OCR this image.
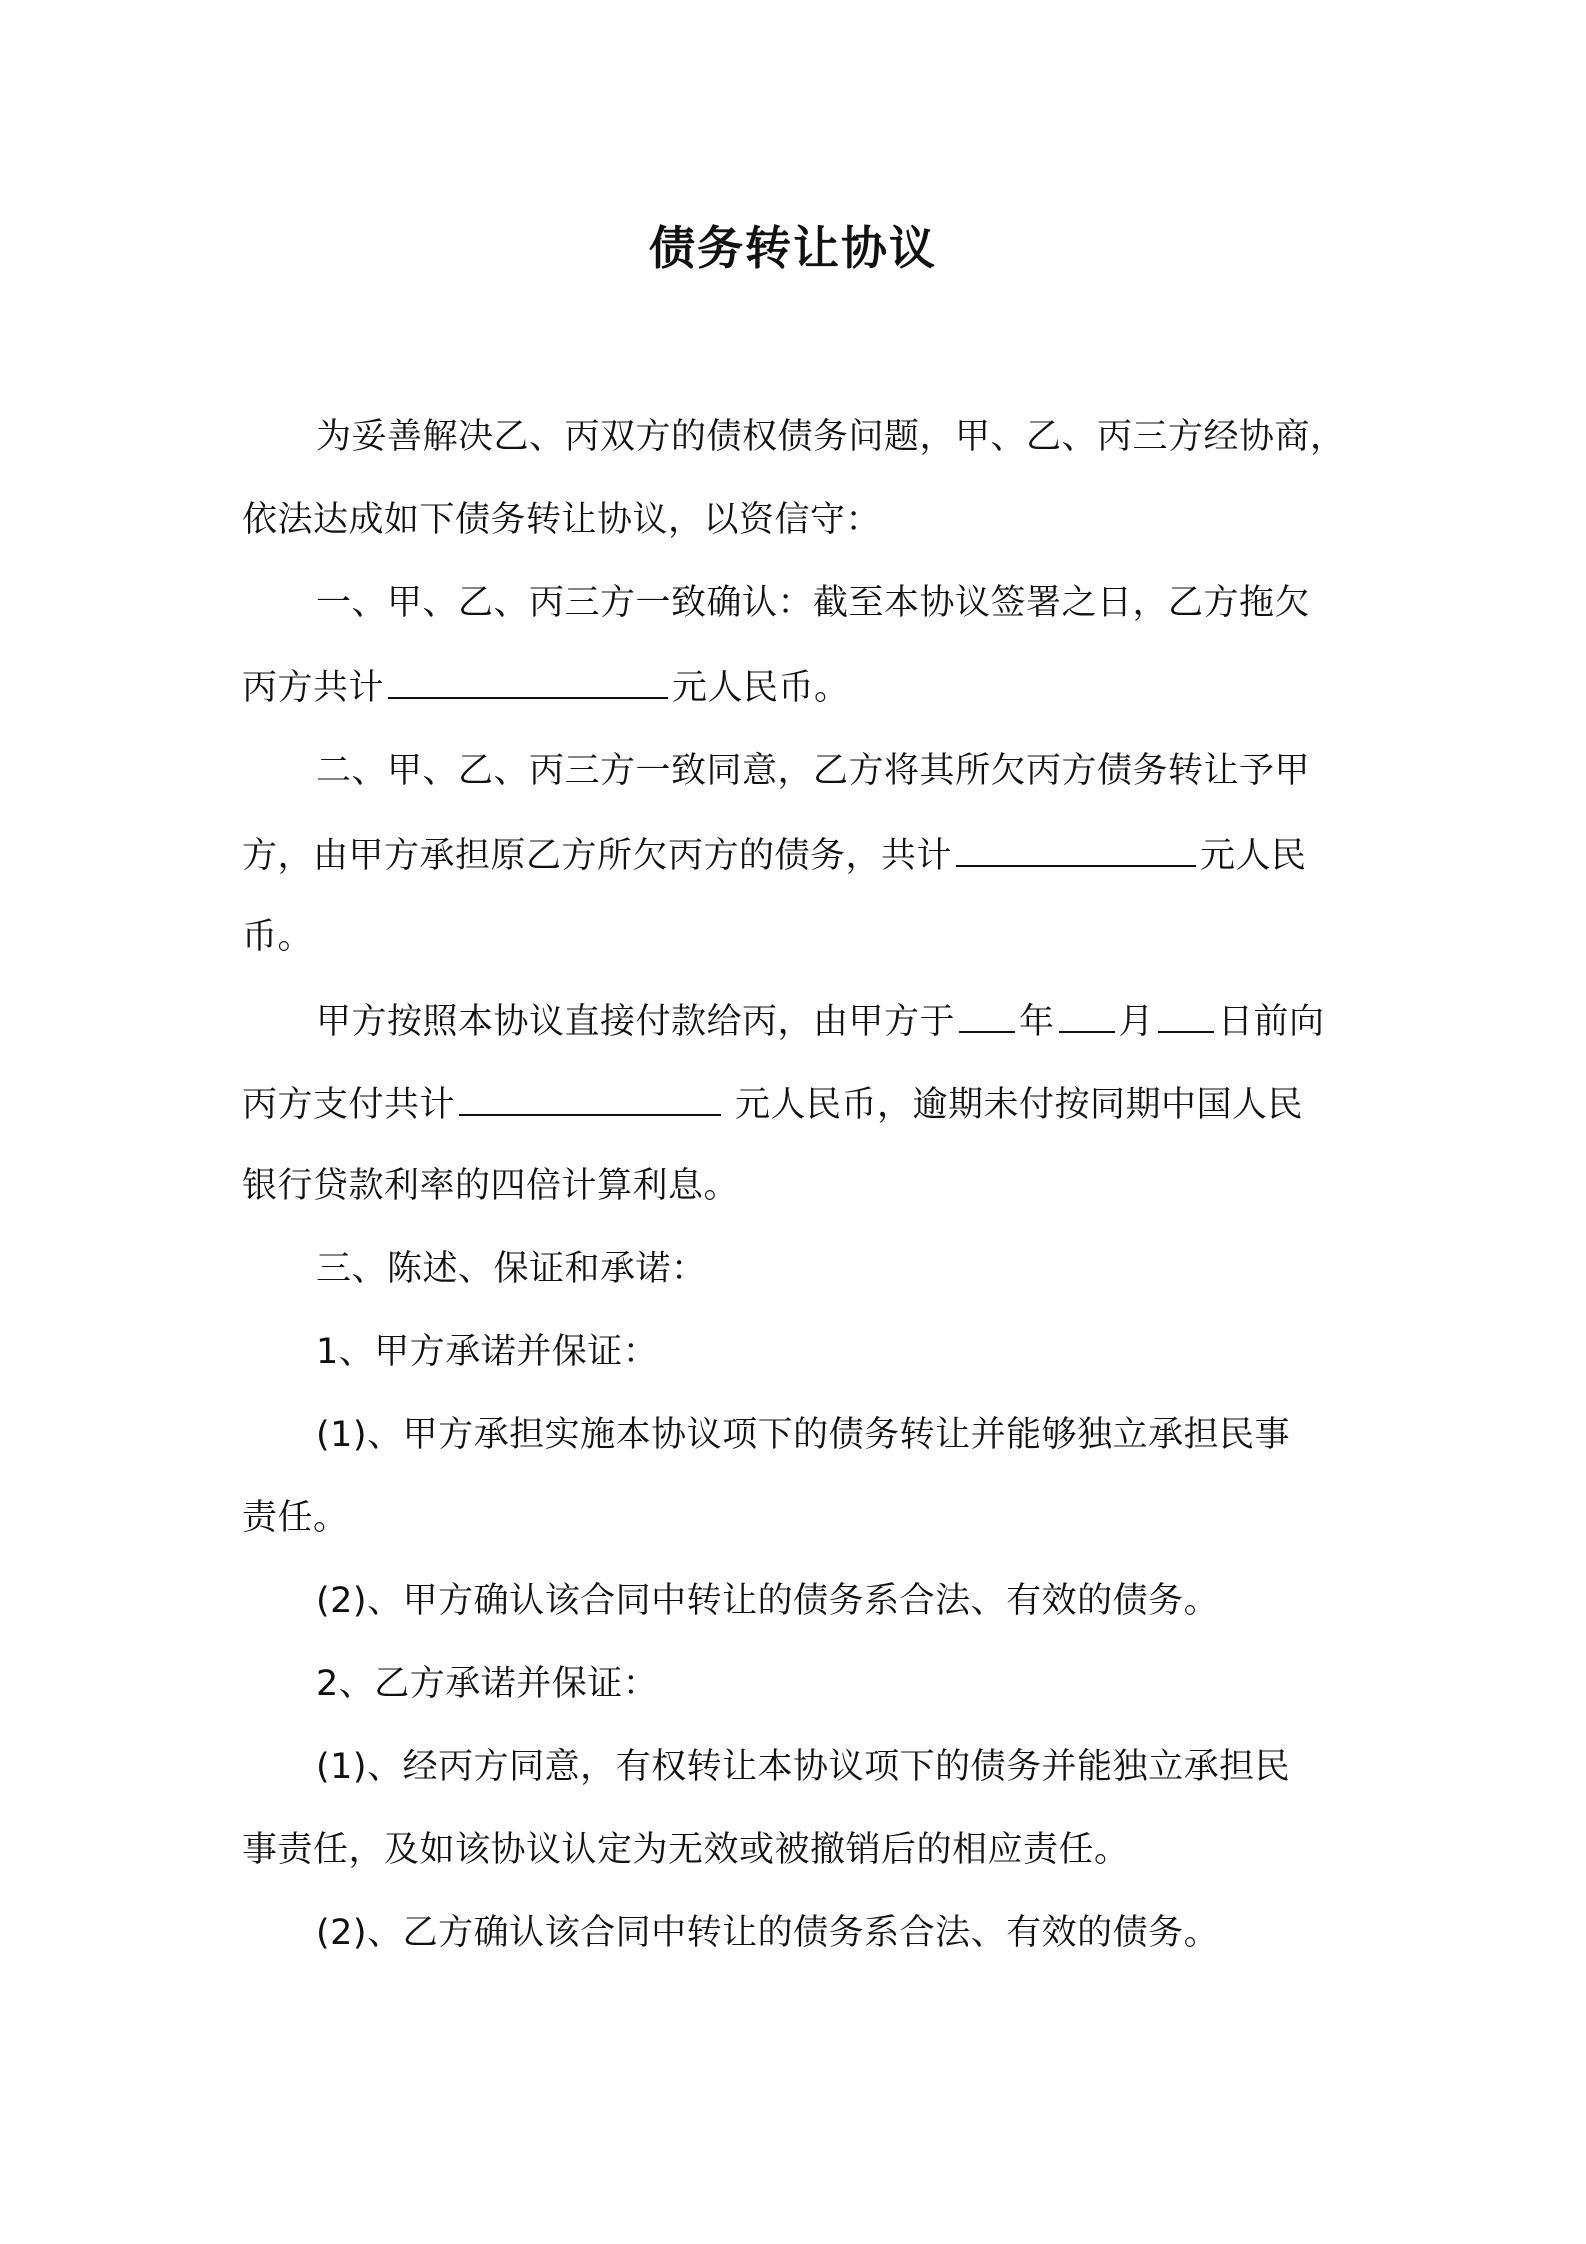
债务转让协议
为妥善解决乙、丙双方的债权债务问题，甲、乙、丙三方经协商，
依法达成如下债务转让协议，以资信守：
一、甲、乙、丙三方一致确认：截至本协议签署之日，乙方拖欠
丙方共计	元人民币。
二、甲、乙、丙三方一致同意，乙方将其所欠丙方债务转让予甲
方，由甲方承担原乙方所欠丙方的债务，共计	元人民
币。
甲方按照本协议直接付款给丙，由甲方于 年 月 日前向
丙方支付共计	元人民币，逾期未付按同期中国人民
银行贷款利率的四倍计算利息。
三、陈述、保证和承诺：
1、甲方承诺并保证：
(1)、甲方承担实施本协议项下的债务转让并能够独立承担民事
责任。
(2)、甲方确认该合同中转让的债务系合法、有效的债务。
2、乙方承诺并保证：
(1)、经丙方同意，有权转让本协议项下的债务并能独立承担民
事责任，及如该协议认定为无效或被撤销后的相应责任。
(2)、乙方确认该合同中转让的债务系合法、有效的债务。
